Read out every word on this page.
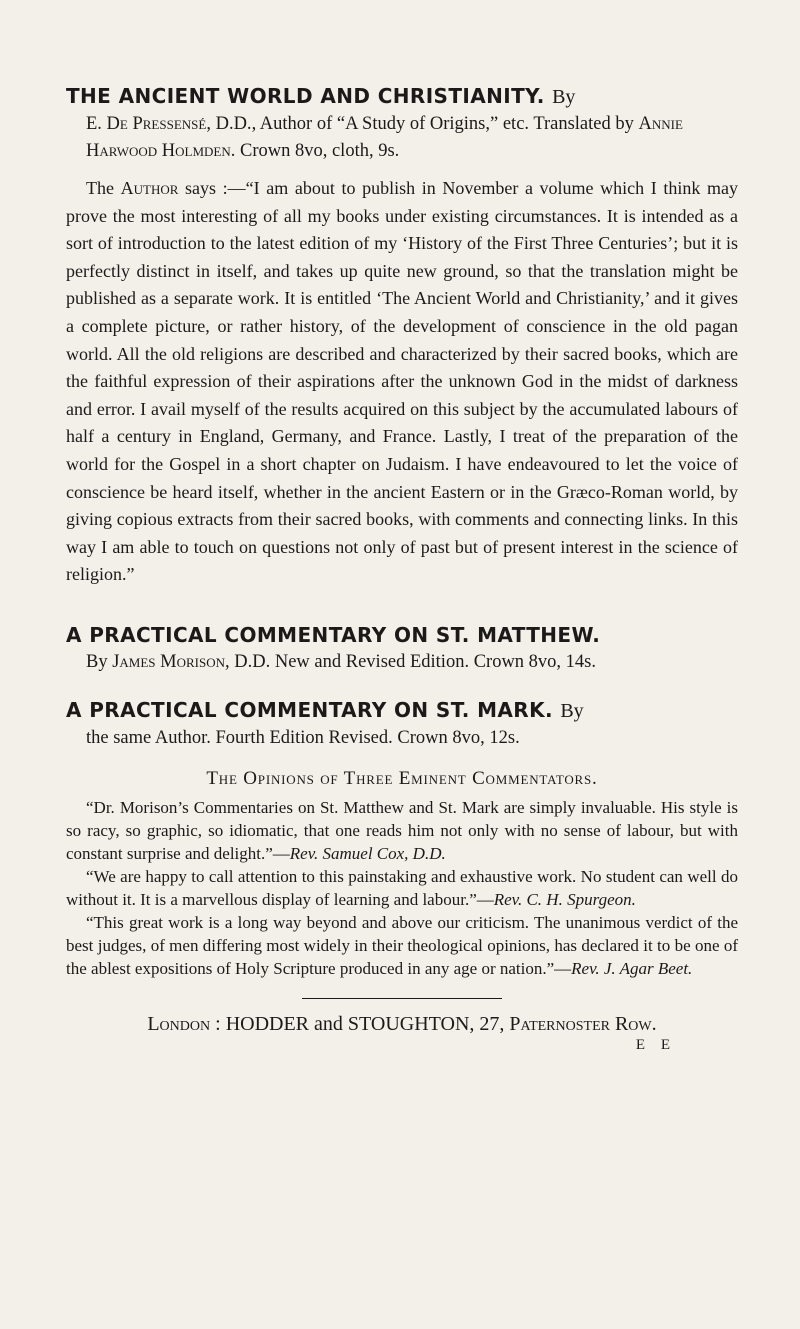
THE ANCIENT WORLD AND CHRISTIANITY. By

E. De Pressensé, D.D., Author of “A Study of Origins,” etc. Translated by Annie Harwood Holmden. Crown 8vo, cloth, 9s.

The Author says :—“I am about to publish in November a volume which I think may prove the most interesting of all my books under existing circumstances. It is intended as a sort of introduction to the latest edition of my ‘History of the First Three Centuries’; but it is perfectly distinct in itself, and takes up quite new ground, so that the translation might be published as a separate work. It is entitled ‘The Ancient World and Christianity,’ and it gives a complete picture, or rather history, of the development of conscience in the old pagan world. All the old religions are described and characterized by their sacred books, which are the faithful expression of their aspirations after the unknown God in the midst of darkness and error. I avail myself of the results acquired on this subject by the accumulated labours of half a century in England, Germany, and France. Lastly, I treat of the preparation of the world for the Gospel in a short chapter on Judaism. I have endeavoured to let the voice of conscience be heard itself, whether in the ancient Eastern or in the Græco-Roman world, by giving copious extracts from their sacred books, with comments and connecting links. In this way I am able to touch on questions not only of past but of present interest in the science of religion.”

A PRACTICAL COMMENTARY ON ST. MATTHEW.

By James Morison, D.D. New and Revised Edition. Crown 8vo, 14s.

A PRACTICAL COMMENTARY ON ST. MARK. By

the same Author. Fourth Edition Revised. Crown 8vo, 12s.

The Opinions of Three Eminent Commentators.

“Dr. Morison’s Commentaries on St. Matthew and St. Mark are simply invaluable. His style is so racy, so graphic, so idiomatic, that one reads him not only with no sense of labour, but with constant surprise and delight.”—Rev. Samuel Cox, D.D.

“We are happy to call attention to this painstaking and exhaustive work. No student can well do without it. It is a marvellous display of learning and labour.”—Rev. C. H. Spurgeon.

“This great work is a long way beyond and above our criticism. The unanimous verdict of the best judges, of men differing most widely in their theological opinions, has declared it to be one of the ablest expositions of Holy Scripture produced in any age or nation.”—Rev. J. Agar Beet.

London : HODDER and STOUGHTON, 27, Paternoster Row.

E E
